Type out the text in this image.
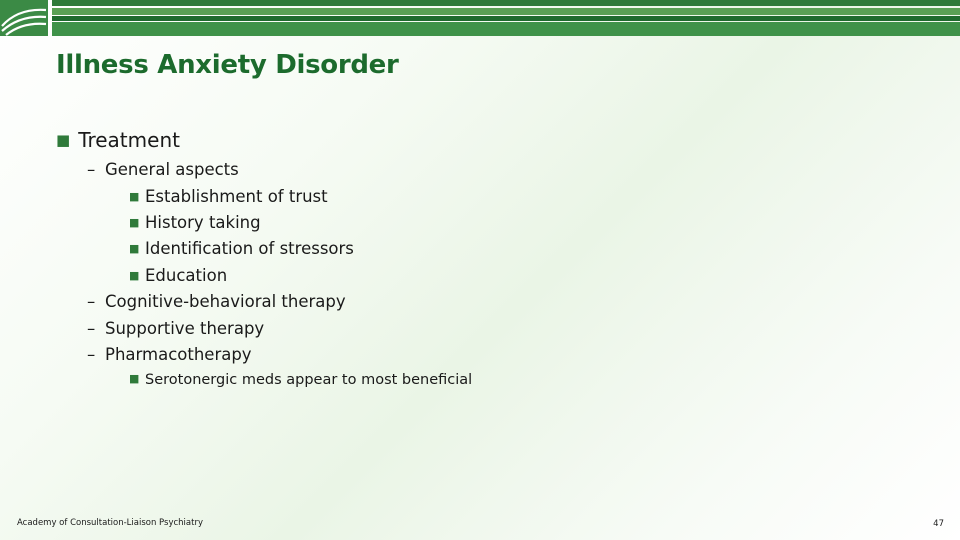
Illness Anxiety Disorder
■ Treatment
– General aspects
■ Establishment of trust
■ History taking
■ Identification of stressors
■ Education
– Cognitive-behavioral therapy
– Supportive therapy
– Pharmacotherapy
■ Serotonergic meds appear to most beneficial
Academy of Consultation-Liaison Psychiatry	47
